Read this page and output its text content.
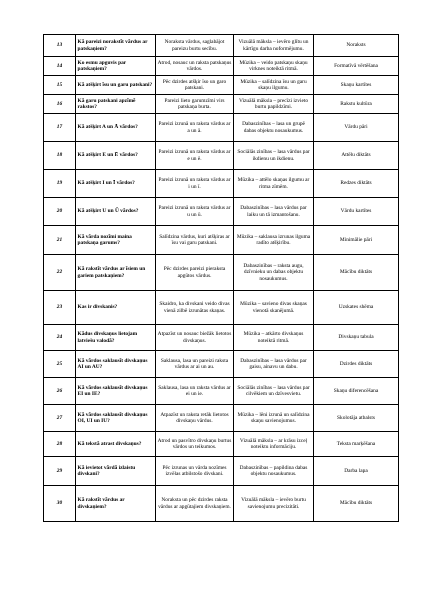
13	Kā pareizi norakstīt vārdus ar patskaņiem?	Noraksta vārdus, saglabājot pareizu burtu secību.	Vizuālā māksla – ievēro glītu un kārtīgu darba noformējumu.	Noraksts
14	Ko esmu apguvis par patskaņiem?	Atrod, nosauc un raksta patskaņus vārdos.	Mūzika – veido patskaņu skaņu virknes noteiktā ritmā.	Formatīvā vērtēšana
15	Kā atšķirt īsu un garu patskani?	Pēc dzirdes atšķir īso un garo patskani.	Mūzika – salīdzina īsu un garu skaņu ilgumu.	Skaņu kartītes
16	Kā garu patskani apzīmē rakstos?	Pareizi lieto garumzīmi virs patskaņa burta.	Vizuālā māksla – precīzi izvieto burtu papildzīmi.	Rakstu kultūra
17	Kā atšķirt A un Ā vārdos?	Pareizi izrunā un raksta vārdus ar a un ā.	Dabaszinības – lasa un grupē dabas objektu nosaukumus.	Vārdu pāri
18	Kā atšķirt E un Ē vārdos?	Pareizi izrunā un raksta vārdus ar e un ē.	Sociālās zinības – lasa vārdus par ikdienu un ikdienu.	Attēlu diktāts
19	Kā atšķirt I un Ī vārdos?	Pareizi izrunā un raksta vārdus ar i un ī.	Mūzika – attēlo skaņas ilgumu ar ritma zīmēm.	Redzes diktāts
20	Kā atšķirt U un Ū vārdos?	Pareizi izrunā un raksta vārdus ar u un ū.	Dabaszinības – lasa vārdus par laiku un tā izmantošanu.	Vārdu kartītes
21	Kā vārda nozīmi maina patskaņa garums?	Salīdzina vārdus, kuri atšķiras ar īsu vai garu patskani.	Mūzika – saklausa izrunas ilguma radīto atšķirību.	Minimālie pāri
22	Kā rakstīt vārdus ar īsiem un gariem patskaņiem?	Pēc dzirdes pareizi pieraksta apgūtos vārdus.	Dabaszinības – raksta augu, dzīvnieku un dabas objektu nosaukumus.	Mācību diktāts
23	Kas ir divskanis?	Skaidro, ka divskani veido divas vienā zilbē izrunātas skaņas.	Mūzika – savieno divas skaņas vienotā skanējumā.	Uzskates shēma
24	Kādus divskaņus lietojam latviešu valodā?	Atpazīst un nosauc biežāk lietotos divskaņus.	Mūzika – atkārto divskaņus noteiktā ritmā.	Divskaņu tabula
25	Kā vārdos saklausīt divskaņus AI un AU?	Saklausa, lasa un pareizi raksta vārdus ar ai un au.	Dabaszinības – lasa vārdus par gaisu, ainavu un dabu.	Dzirdes diktāts
26	Kā vārdos saklausīt divskaņus EI un IE?	Saklausa, lasa un raksta vārdus ar ei un ie.	Sociālās zinības – lasa vārdus par cilvēkiem un dzīvesvietu.	Skaņu diferencēšana
27	Kā vārdos saklausīt divskaņus OI, UI un IU?	Atpazīst un raksta retāk lietotos divskaņu vārdus.	Mūzika – lēni izrunā un salīdzina skaņu savienojumus.	Skolotāja atbalsts
28	Kā tekstā atrast divskaņus?	Atrod un pasvītro divskaņu burtus vārdos un teikumos.	Vizuālā māksla – ar krāsu izceļ noteiktu informāciju.	Teksta marķēšana
29	Kā ievietot vārdā izlaistu divskani?	Pēc izrunas un vārda nozīmes izvēlas atbilstošo divskani.	Dabaszinības – papildina dabas objektu nosaukumus.	Darba lapa
30	Kā rakstīt vārdus ar divskaņiem?	Noraksta un pēc dzirdes raksta vārdus ar apgūtajiem divskaņiem.	Vizuālā māksla – ievēro burtu savienojumu precizitāti.	Mācību diktāts
